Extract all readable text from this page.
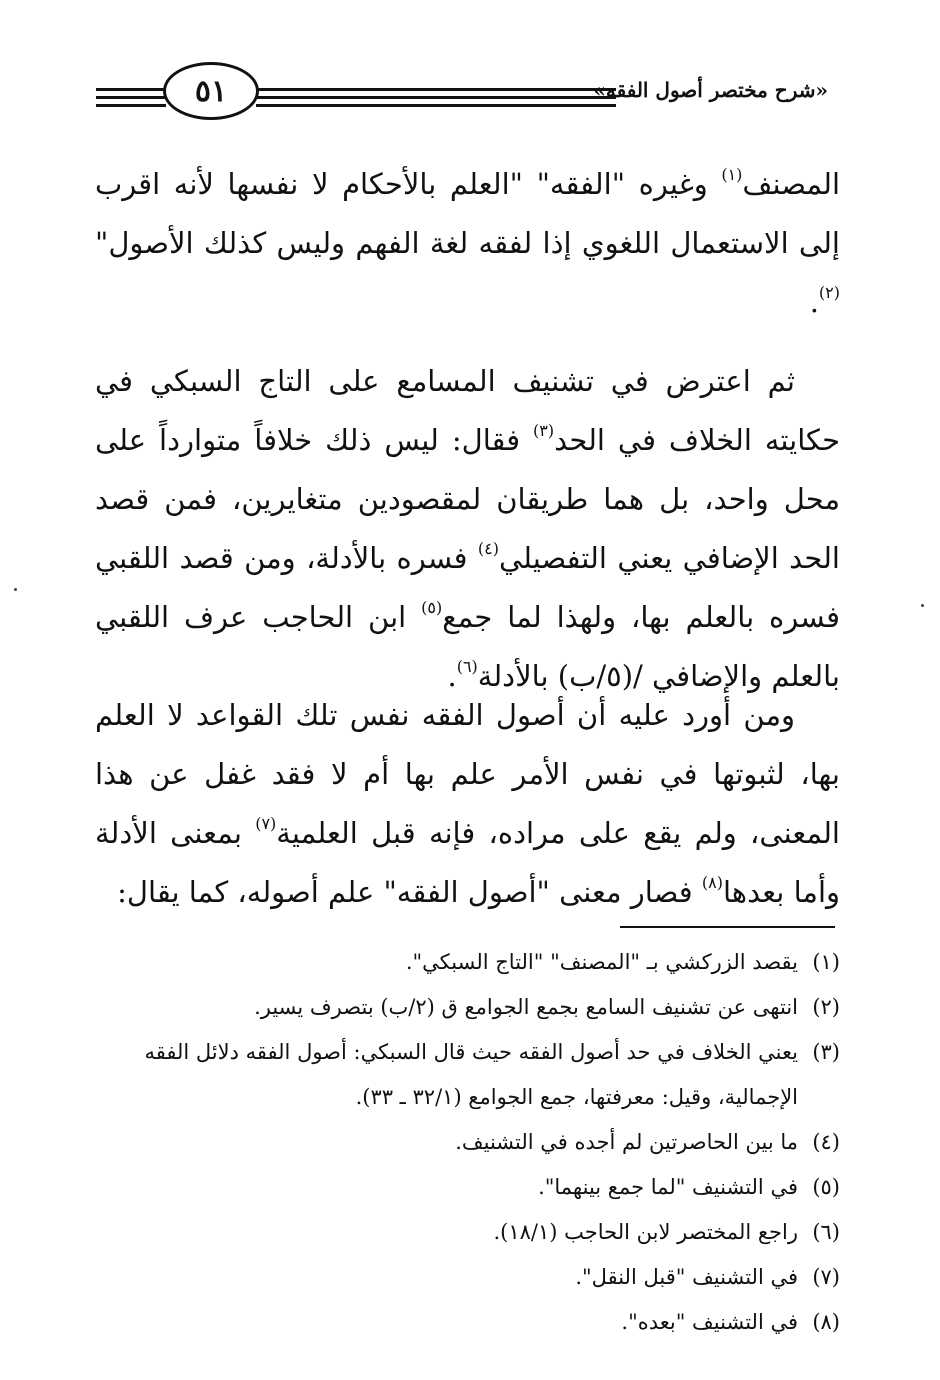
٥١	«شرح مختصر أصول الفقه»

المصنف$^{(١)}$ وغيره "الفقه" "العلم بالأحكام لا نفسها لأنه اقرب إلى الاستعمال اللغوي إذا لفقه لغة الفهم وليس كذلك الأصول"$^{(٢)}$.

ثم اعترض في تشنيف المسامع على التاج السبكي في حكايته الخلاف في الحد$^{(٣)}$ فقال: ليس ذلك خلافاً متوارداً على محل واحد، بل هما طريقان لمقصودين متغايرين، فمن قصد الحد الإضافي يعني التفصيلي$^{(٤)}$ فسره بالأدلة، ومن قصد اللقبي فسره بالعلم بها، ولهذا لما جمع$^{(٥)}$ ابن الحاجب عرف اللقبي بالعلم والإضافي /(٥/ب) بالأدلة$^{(٦)}$.

ومن أورد عليه أن أصول الفقه نفس تلك القواعد لا العلم بها، لثبوتها في نفس الأمر علم بها أم لا فقد غفل عن هذا المعنى، ولم يقع على مراده، فإنه قبل العلمية$^{(٧)}$ بمعنى الأدلة وأما بعدها$^{(٨)}$ فصار معنى "أصول الفقه" علم أصوله، كما يقال:

(١)
يقصد الزركشي بـ "المصنف" "التاج السبكي".
(٢)
انتهى عن تشنيف السامع بجمع الجوامع ق (٢/ب) بتصرف يسير.
(٣)
يعني الخلاف في حد أصول الفقه حيث قال السبكي: أصول الفقه دلائل الفقه الإجمالية، وقيل: معرفتها، جمع الجوامع (٣٢/١ ـ ٣٣).
(٤)
ما بين الحاصرتين لم أجده في التشنيف.
(٥)
في التشنيف "لما جمع بينهما".
(٦)
راجع المختصر لابن الحاجب (١٨/١).
(٧)
في التشنيف "قبل النقل".
(٨)
في التشنيف "بعده".
